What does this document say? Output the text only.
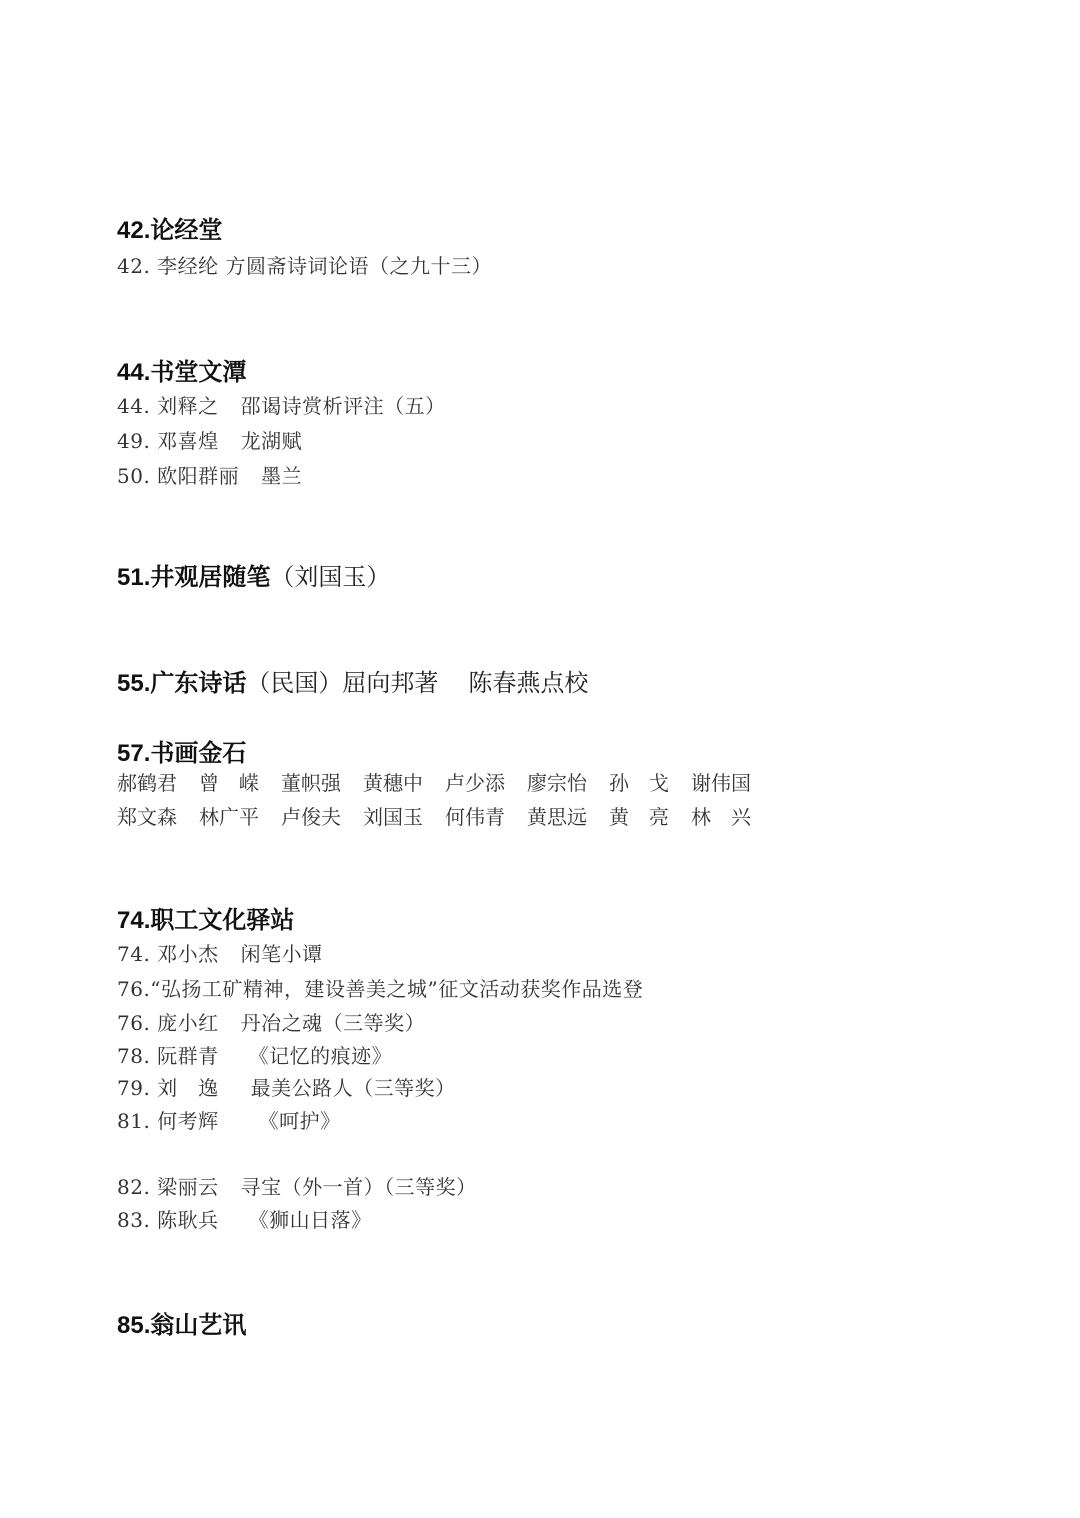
42.论经堂
42. 李经纶 方圆斋诗词论语（之九十三）
44.书堂文潭
44. 刘释之 邵谒诗赏析评注（五）
49. 邓喜煌 龙湖赋
50. 欧阳群丽 墨兰
51.井观居随笔（刘国玉）
55.广东诗话（民国）屈向邦著 陈春燕点校
57.书画金石
郝鹤君	曾　嵘	董帜强	黄穗中	卢少添	廖宗怡	孙　戈	谢伟国
郑文森	林广平	卢俊夫	刘国玉	何伟青	黄思远	黄　亮	林　兴
74.职工文化驿站
74. 邓小杰 闲笔小谭
76.“弘扬工矿精神，建设善美之城”征文活动获奖作品选登
76. 庞小红 丹冶之魂（三等奖）
78. 阮群青 《记忆的痕迹》
79. 刘　逸 最美公路人（三等奖）
81. 何考辉 《呵护》
82. 梁丽云 寻宝（外一首）（三等奖）
83. 陈耿兵 《狮山日落》
85.翁山艺讯
